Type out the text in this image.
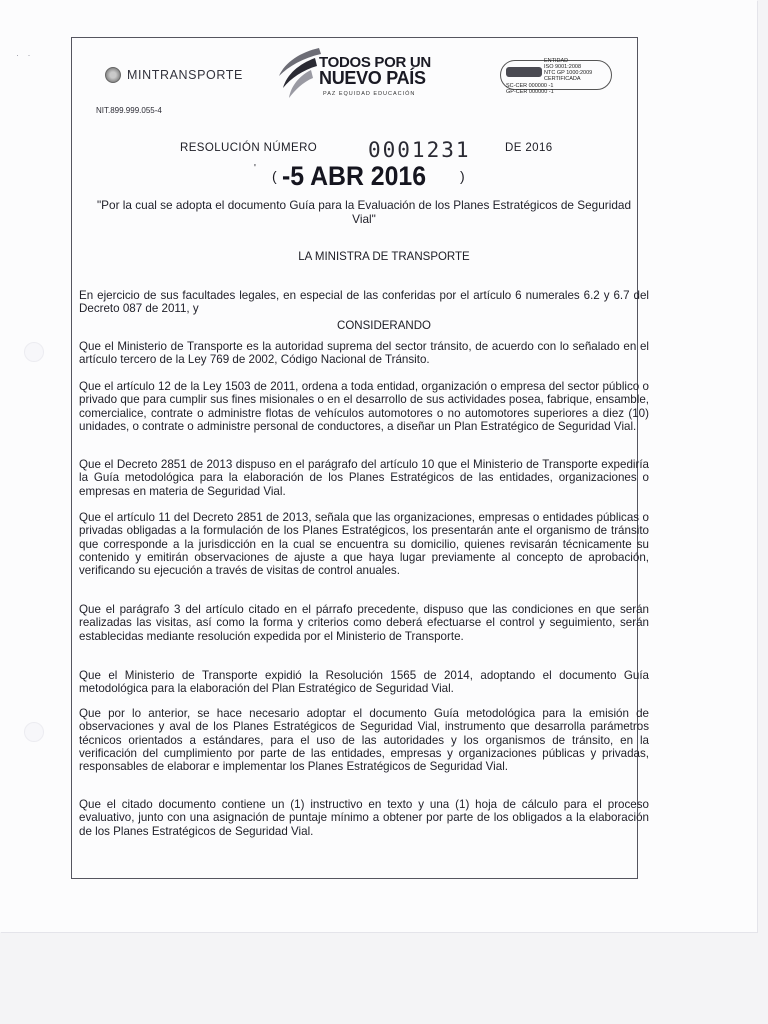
· ·
MINTRANSPORTE
NIT.899.999.055-4
TODOS POR UN
NUEVO PAÍS
PAZ EQUIDAD EDUCACIÓN
ENTIDAD
ISO 9001:2008
NTC GP 1000:2009
CERTIFICADA
SC-CER 000000 -1
GP-CER 000000 -1
RESOLUCIÓN NÚMERO 0001231	DE 2016
' ( -5 ABR 2016 )
"Por la cual se adopta el documento Guía para la Evaluación de los Planes Estratégicos de Seguridad Vial"
LA MINISTRA DE TRANSPORTE
En ejercicio de sus facultades legales, en especial de las conferidas por el artículo 6 numerales 6.2 y 6.7 del Decreto 087 de 2011, y
CONSIDERANDO
Que el Ministerio de Transporte es la autoridad suprema del sector tránsito, de acuerdo con lo señalado en el artículo tercero de la Ley 769 de 2002, Código Nacional de Tránsito.
Que el artículo 12 de la Ley 1503 de 2011, ordena a toda entidad, organización o empresa del sector público o privado que para cumplir sus fines misionales o en el desarrollo de sus actividades posea, fabrique, ensamble, comercialice, contrate o administre flotas de vehículos automotores o no automotores superiores a diez (10) unidades, o contrate o administre personal de conductores, a diseñar un Plan Estratégico de Seguridad Vial.
Que el Decreto 2851 de 2013 dispuso en el parágrafo del artículo 10 que el Ministerio de Transporte expediría la Guía metodológica para la elaboración de los Planes Estratégicos de las entidades, organizaciones o empresas en materia de Seguridad Vial.
Que el artículo 11 del Decreto 2851 de 2013, señala que las organizaciones, empresas o entidades públicas o privadas obligadas a la formulación de los Planes Estratégicos, los presentarán ante el organismo de tránsito que corresponde a la jurisdicción en la cual se encuentra su domicilio, quienes revisarán técnicamente su contenido y emitirán observaciones de ajuste a que haya lugar previamente al concepto de aprobación, verificando su ejecución a través de visitas de control anuales.
Que el parágrafo 3 del artículo citado en el párrafo precedente, dispuso que las condiciones en que serán realizadas las visitas, así como la forma y criterios como deberá efectuarse el control y seguimiento, serán establecidas mediante resolución expedida por el Ministerio de Transporte.
Que el Ministerio de Transporte expidió la Resolución 1565 de 2014, adoptando el documento Guía metodológica para la elaboración del Plan Estratégico de Seguridad Vial.
Que por lo anterior, se hace necesario adoptar el documento Guía metodológica para la emisión de observaciones y aval de los Planes Estratégicos de Seguridad Vial, instrumento que desarrolla parámetros técnicos orientados a estándares, para el uso de las autoridades y los organismos de tránsito, en la verificación del cumplimiento por parte de las entidades, empresas y organizaciones públicas y privadas, responsables de elaborar e implementar los Planes Estratégicos de Seguridad Vial.
Que el citado documento contiene un (1) instructivo en texto y una (1) hoja de cálculo para el proceso evaluativo, junto con una asignación de puntaje mínimo a obtener por parte de los obligados a la elaboración de los Planes Estratégicos de Seguridad Vial.
